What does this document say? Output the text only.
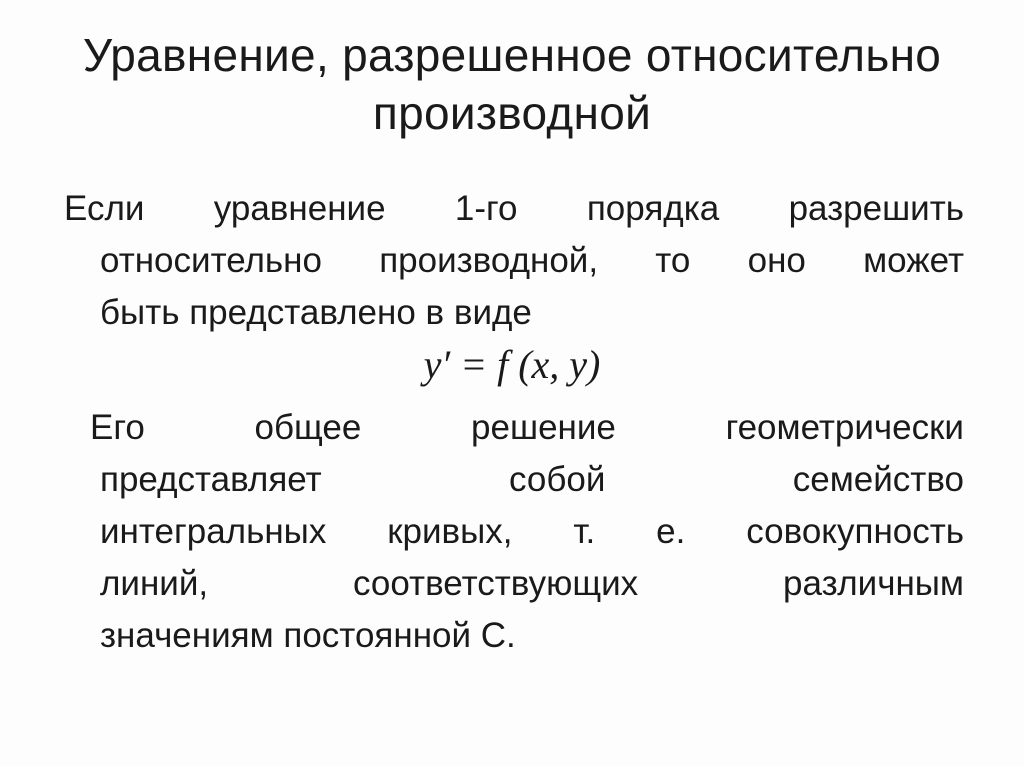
Уравнение, разрешенное относительно
производной

Если уравнение 1-го порядка разрешить
относительно производной, то оно может
быть представлено в виде

y′ = f (x, y)

Его общее решение геометрически
представляет собой семейство
интегральных кривых, т. е. совокупность
линий, соответствующих различным
значениям постоянной С.
